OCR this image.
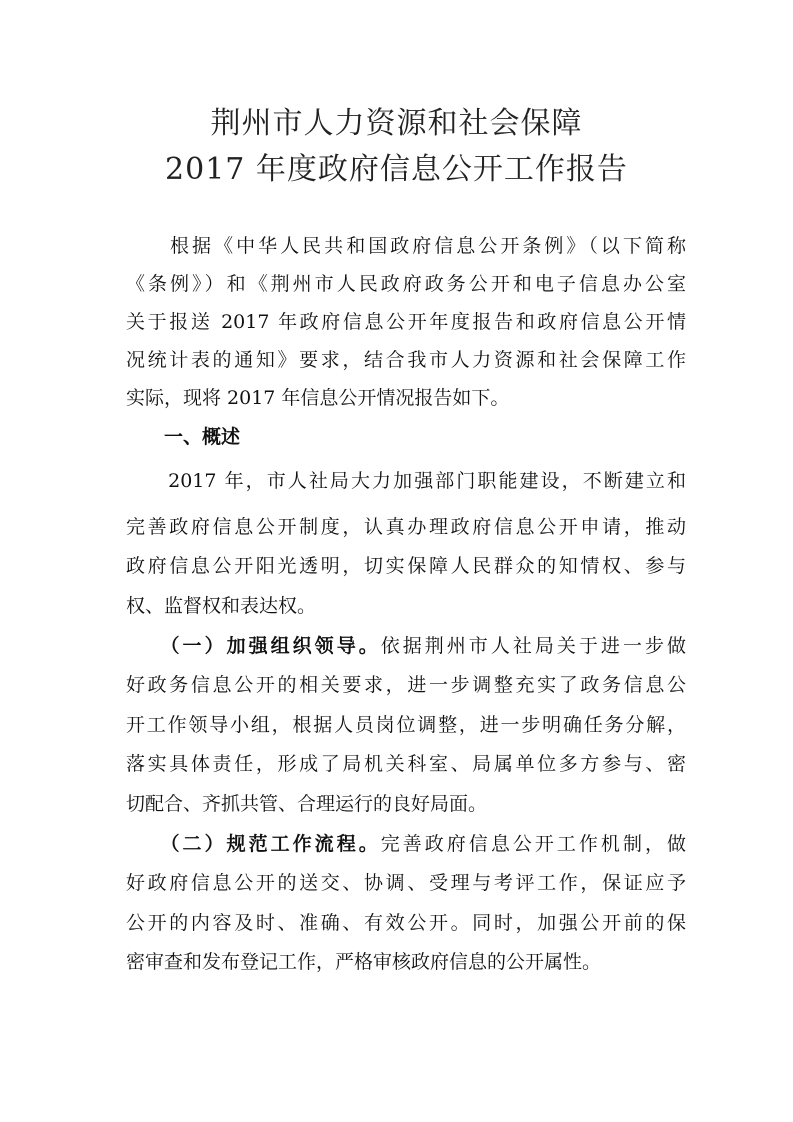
荆州市人力资源和社会保障
2017 年度政府信息公开工作报告
　　根据《中华人民共和国政府信息公开条例》（以下简称
《条例》）和《荆州市人民政府政务公开和电子信息办公室
关于报送 2017 年政府信息公开年度报告和政府信息公开情
况统计表的通知》要求，结合我市人力资源和社会保障工作
实际，现将 2017 年信息公开情况报告如下。
　　一、概述
　　2017 年，市人社局大力加强部门职能建设，不断建立和
完善政府信息公开制度，认真办理政府信息公开申请，推动
政府信息公开阳光透明，切实保障人民群众的知情权、参与
权、监督权和表达权。
　　（一）加强组织领导。依据荆州市人社局关于进一步做
好政务信息公开的相关要求，进一步调整充实了政务信息公
开工作领导小组，根据人员岗位调整，进一步明确任务分解，
落实具体责任，形成了局机关科室、局属单位多方参与、密
切配合、齐抓共管、合理运行的良好局面。
　　（二）规范工作流程。完善政府信息公开工作机制，做
好政府信息公开的送交、协调、受理与考评工作，保证应予
公开的内容及时、准确、有效公开。同时，加强公开前的保
密审查和发布登记工作，严格审核政府信息的公开属性。
